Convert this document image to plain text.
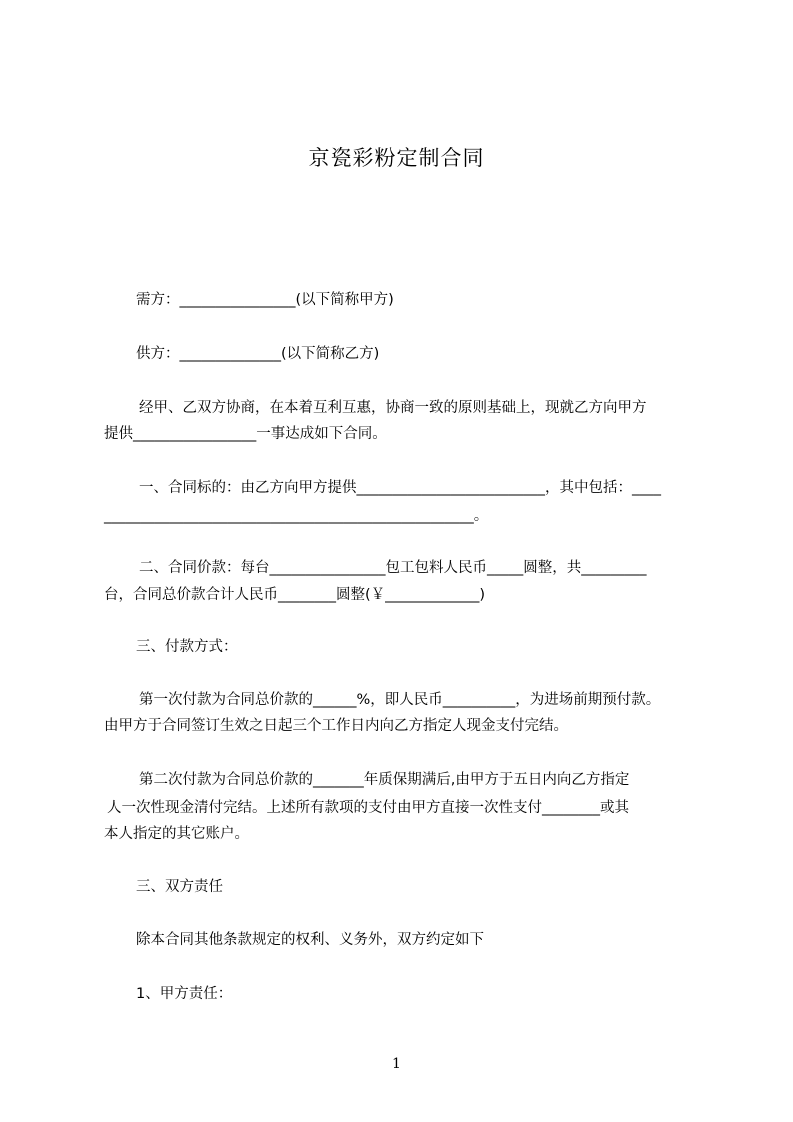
京瓷彩粉定制合同
需方：________________(以下简称甲方)
供方：______________(以下简称乙方)
经甲、乙双方协商，在本着互利互惠，协商一致的原则基础上，现就乙方向甲方
提供_________________一事达成如下合同。
一、合同标的：由乙方向甲方提供__________________________，其中包括：____
___________________________________________________。
二、合同价款：每台________________包工包料人民币_____圆整，共_________
台，合同总价款合计人民币________圆整(￥_____________)
三、付款方式：
第一次付款为合同总价款的______%，即人民币__________，为进场前期预付款。
由甲方于合同签订生效之日起三个工作日内向乙方指定人现金支付完结。
第二次付款为合同总价款的_______年质保期满后,由甲方于五日内向乙方指定
人一次性现金清付完结。上述所有款项的支付由甲方直接一次性支付________或其
本人指定的其它账户。
三、双方责任
除本合同其他条款规定的权利、义务外，双方约定如下
1、甲方责任：
1
